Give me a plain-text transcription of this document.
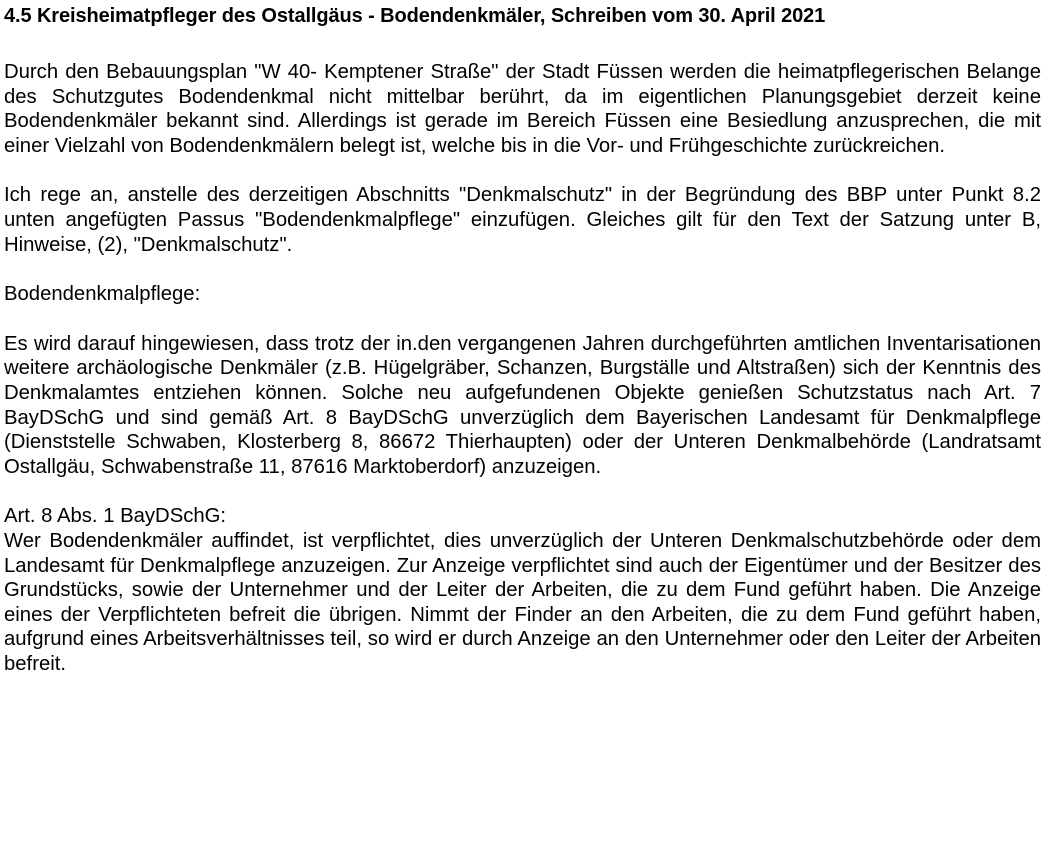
4.5 Kreisheimatpfleger des Ostallgäus - Bodendenkmäler, Schreiben vom 30. April 2021

Durch den Bebauungsplan "W 40- Kemptener Straße" der Stadt Füssen werden die heimatpflegerischen Belange des Schutzgutes Bodendenkmal nicht mittelbar berührt, da im eigentlichen Planungsgebiet derzeit keine Bodendenkmäler bekannt sind. Allerdings ist gerade im Bereich Füssen eine Besiedlung anzusprechen, die mit einer Vielzahl von Bodendenkmälern belegt ist, welche bis in die Vor- und Frühgeschichte zurückreichen.

Ich rege an, anstelle des derzeitigen Abschnitts "Denkmalschutz" in der Begründung des BBP unter Punkt 8.2 unten angefügten Passus "Bodendenkmalpflege" einzufügen. Gleiches gilt für den Text der Satzung unter B, Hinweise, (2), "Denkmalschutz".

Bodendenkmalpflege:

Es wird darauf hingewiesen, dass trotz der in.den vergangenen Jahren durchgeführten amtlichen Inventarisationen weitere archäologische Denkmäler (z.B. Hügelgräber, Schanzen, Burgställe und Altstraßen) sich der Kenntnis des Denkmalamtes entziehen können. Solche neu aufgefundenen Objekte genießen Schutzstatus nach Art. 7 BayDSchG und sind gemäß Art. 8 BayDSchG unverzüglich dem Bayerischen Landesamt für Denkmalpflege (Dienststelle Schwaben, Klosterberg 8, 86672 Thierhaupten) oder der Unteren Denkmalbehörde (Landratsamt Ostallgäu, Schwabenstraße 11, 87616 Marktoberdorf) anzuzeigen.

Art. 8 Abs. 1 BayDSchG:

Wer Bodendenkmäler auffindet, ist verpflichtet, dies unverzüglich der Unteren Denkmalschutzbehörde oder dem Landesamt für Denkmalpflege anzuzeigen. Zur Anzeige verpflichtet sind auch der Eigentümer und der Besitzer des Grundstücks, sowie der Unternehmer und der Leiter der Arbeiten, die zu dem Fund geführt haben. Die Anzeige eines der Verpflichteten befreit die übrigen. Nimmt der Finder an den Arbeiten, die zu dem Fund geführt haben, aufgrund eines Arbeitsverhältnisses teil, so wird er durch Anzeige an den Unternehmer oder den Leiter der Arbeiten befreit.
